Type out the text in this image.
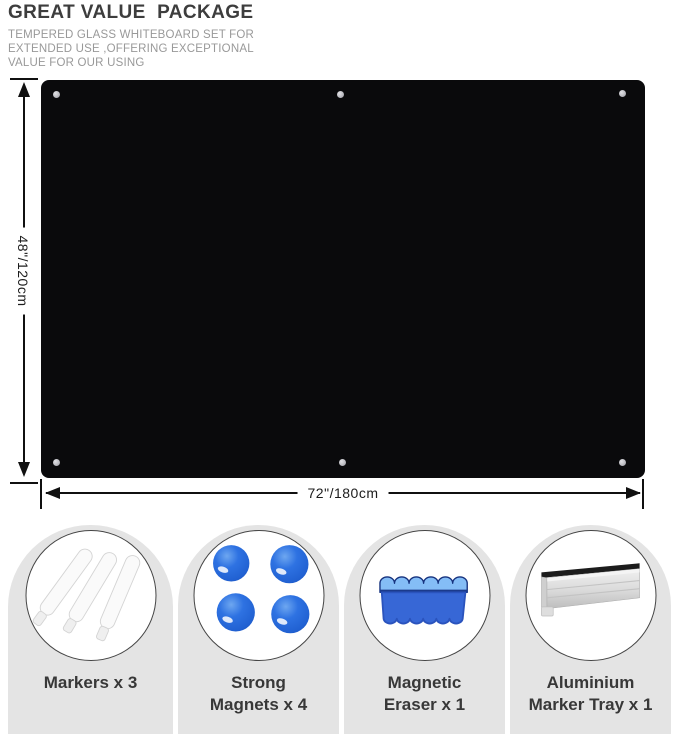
GREAT VALUE  PACKAGE
TEMPERED GLASS WHITEBOARD SET FOR
EXTENDED USE ,OFFERING EXCEPTIONAL
VALUE FOR OUR USING
48"/120cm
72"/180cm
Markers x 3	Strong
Magnets x 4
Magnetic
Eraser x 1
Aluminium
Marker Tray x 1
